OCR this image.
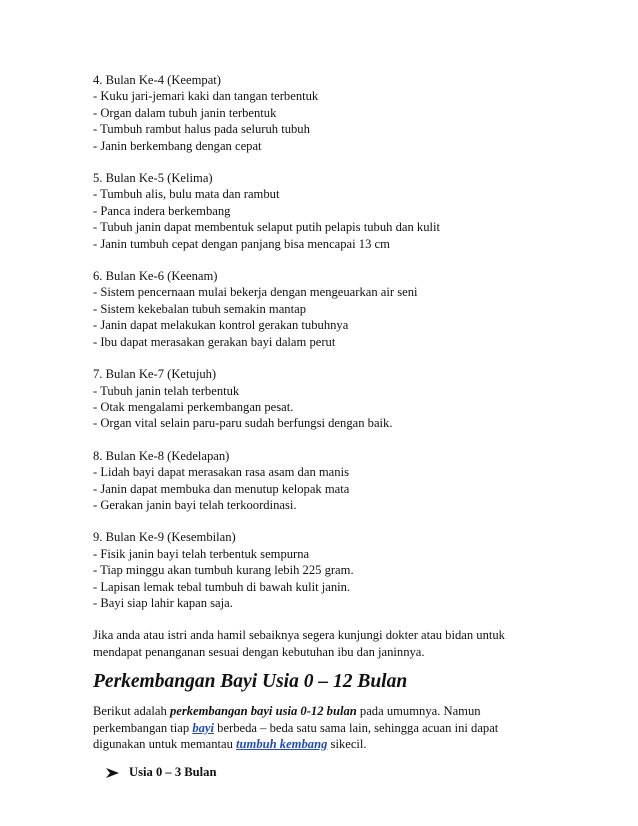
4. Bulan Ke-4 (Keempat)
- Kuku jari-jemari kaki dan tangan terbentuk
- Organ dalam tubuh janin terbentuk
- Tumbuh rambut halus pada seluruh tubuh
- Janin berkembang dengan cepat
5. Bulan Ke-5 (Kelima)
- Tumbuh alis, bulu mata dan rambut
- Panca indera berkembang
- Tubuh janin dapat membentuk selaput putih pelapis tubuh dan kulit
- Janin tumbuh cepat dengan panjang bisa mencapai 13 cm
6. Bulan Ke-6 (Keenam)
- Sistem pencernaan mulai bekerja dengan mengeuarkan air seni
- Sistem kekebalan tubuh semakin mantap
- Janin dapat melakukan kontrol gerakan tubuhnya
- Ibu dapat merasakan gerakan bayi dalam perut
7. Bulan Ke-7 (Ketujuh)
- Tubuh janin telah terbentuk
- Otak mengalami perkembangan pesat.
- Organ vital selain paru-paru sudah berfungsi dengan baik.
8. Bulan Ke-8 (Kedelapan)
- Lidah bayi dapat merasakan rasa asam dan manis
- Janin dapat membuka dan menutup kelopak mata
- Gerakan janin bayi telah terkoordinasi.
9. Bulan Ke-9 (Kesembilan)
- Fisik janin bayi telah terbentuk sempurna
- Tiap minggu akan tumbuh kurang lebih 225 gram.
- Lapisan lemak tebal tumbuh di bawah kulit janin.
- Bayi siap lahir kapan saja.
Jika anda atau istri anda hamil sebaiknya segera kunjungi dokter atau bidan untuk
mendapat penanganan sesuai dengan kebutuhan ibu dan janinnya.
Perkembangan Bayi Usia 0 – 12 Bulan
Berikut adalah perkembangan bayi usia 0-12 bulan pada umumnya. Namun
perkembangan tiap bayi berbeda – beda satu sama lain, sehingga acuan ini dapat
digunakan untuk memantau tumbuh kembang sikecil.
Usia 0 – 3 Bulan
